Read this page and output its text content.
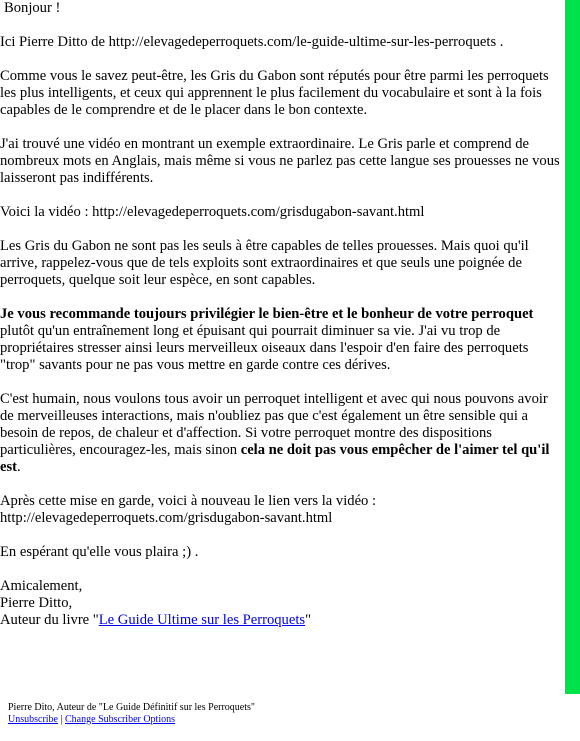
Bonjour !

Ici Pierre Ditto de http://elevagedeperroquets.com/le-guide-ultime-sur-les-perroquets .

Comme vous le savez peut-être, les Gris du Gabon sont réputés pour être parmi les perroquets les plus intelligents, et ceux qui apprennent le plus facilement du vocabulaire et sont à la fois capables de le comprendre et de le placer dans le bon contexte.

J'ai trouvé une vidéo en montrant un exemple extraordinaire. Le Gris parle et comprend de nombreux mots en Anglais, mais même si vous ne parlez pas cette langue ses prouesses ne vous laisseront pas indifférents.

Voici la vidéo : http://elevagedeperroquets.com/grisdugabon-savant.html

Les Gris du Gabon ne sont pas les seuls à être capables de telles prouesses. Mais quoi qu'il arrive, rappelez-vous que de tels exploits sont extraordinaires et que seuls une poignée de perroquets, quelque soit leur espèce, en sont capables.

Je vous recommande toujours privilégier le bien-être et le bonheur de votre perroquet plutôt qu'un entraînement long et épuisant qui pourrait diminuer sa vie. J'ai vu trop de propriétaires stresser ainsi leurs merveilleux oiseaux dans l'espoir d'en faire des perroquets "trop" savants pour ne pas vous mettre en garde contre ces dérives.

C'est humain, nous voulons tous avoir un perroquet intelligent et avec qui nous pouvons avoir de merveilleuses interactions, mais n'oubliez pas que c'est également un être sensible qui a besoin de repos, de chaleur et d'affection. Si votre perroquet montre des dispositions particulières, encouragez-les, mais sinon cela ne doit pas vous empêcher de l'aimer tel qu'il est.

Après cette mise en garde, voici à nouveau le lien vers la vidéo :
http://elevagedeperroquets.com/grisdugabon-savant.html

En espérant qu'elle vous plaira ;) .

Amicalement,
Pierre Ditto,
Auteur du livre "Le Guide Ultime sur les Perroquets"

Pierre Dito, Auteur de "Le Guide Définitif sur les Perroquets"
Unsubscribe | Change Subscriber Options
